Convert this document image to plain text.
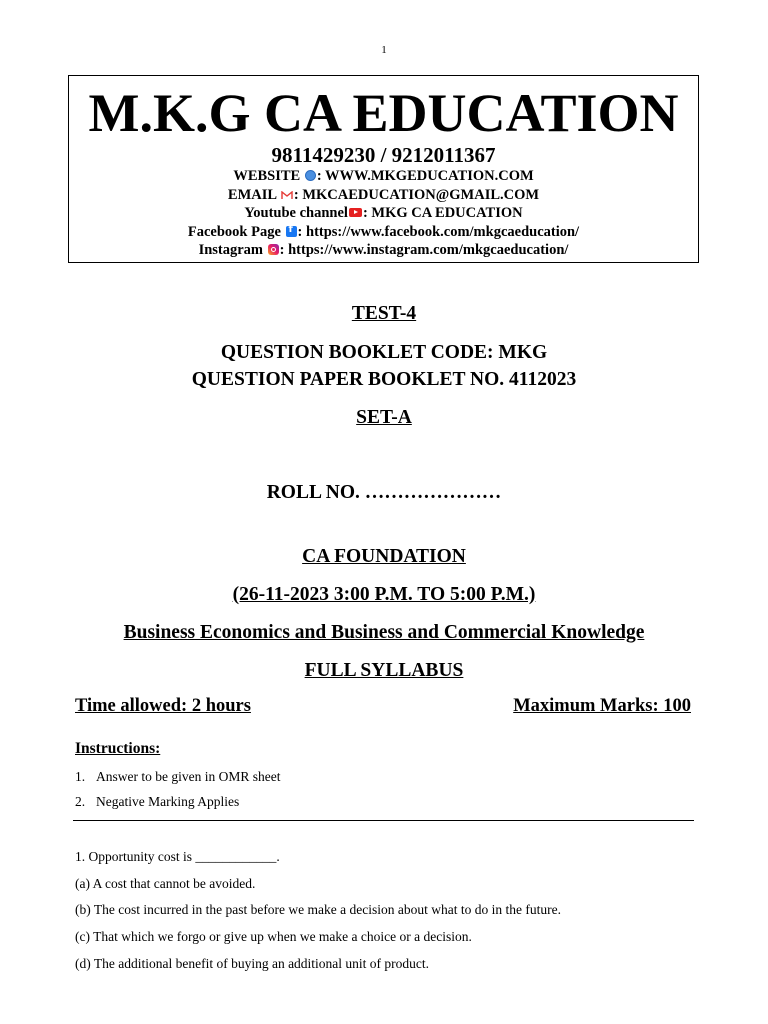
1
M.K.G CA EDUCATION
9811429230 / 9212011367
WEBSITE : WWW.MKGEDUCATION.COM
EMAIL : MKCAEDUCATION@GMAIL.COM
Youtube channel : MKG CA EDUCATION
Facebook Page f : https://www.facebook.com/mkgcaeducation/
Instagram : https://www.instagram.com/mkgcaeducation/
TEST-4
QUESTION BOOKLET CODE: MKG
QUESTION PAPER BOOKLET NO. 4112023
SET-A
ROLL NO. …………………
CA FOUNDATION
(26-11-2023 3:00 P.M. TO 5:00 P.M.)
Business Economics and Business and Commercial Knowledge
FULL SYLLABUS
Time allowed: 2 hours	Maximum Marks: 100
Instructions:
1. Answer to be given in OMR sheet
2. Negative Marking Applies
1. Opportunity cost is ____________.
(a) A cost that cannot be avoided.
(b) The cost incurred in the past before we make a decision about what to do in the future.
(c) That which we forgo or give up when we make a choice or a decision.
(d) The additional benefit of buying an additional unit of product.
